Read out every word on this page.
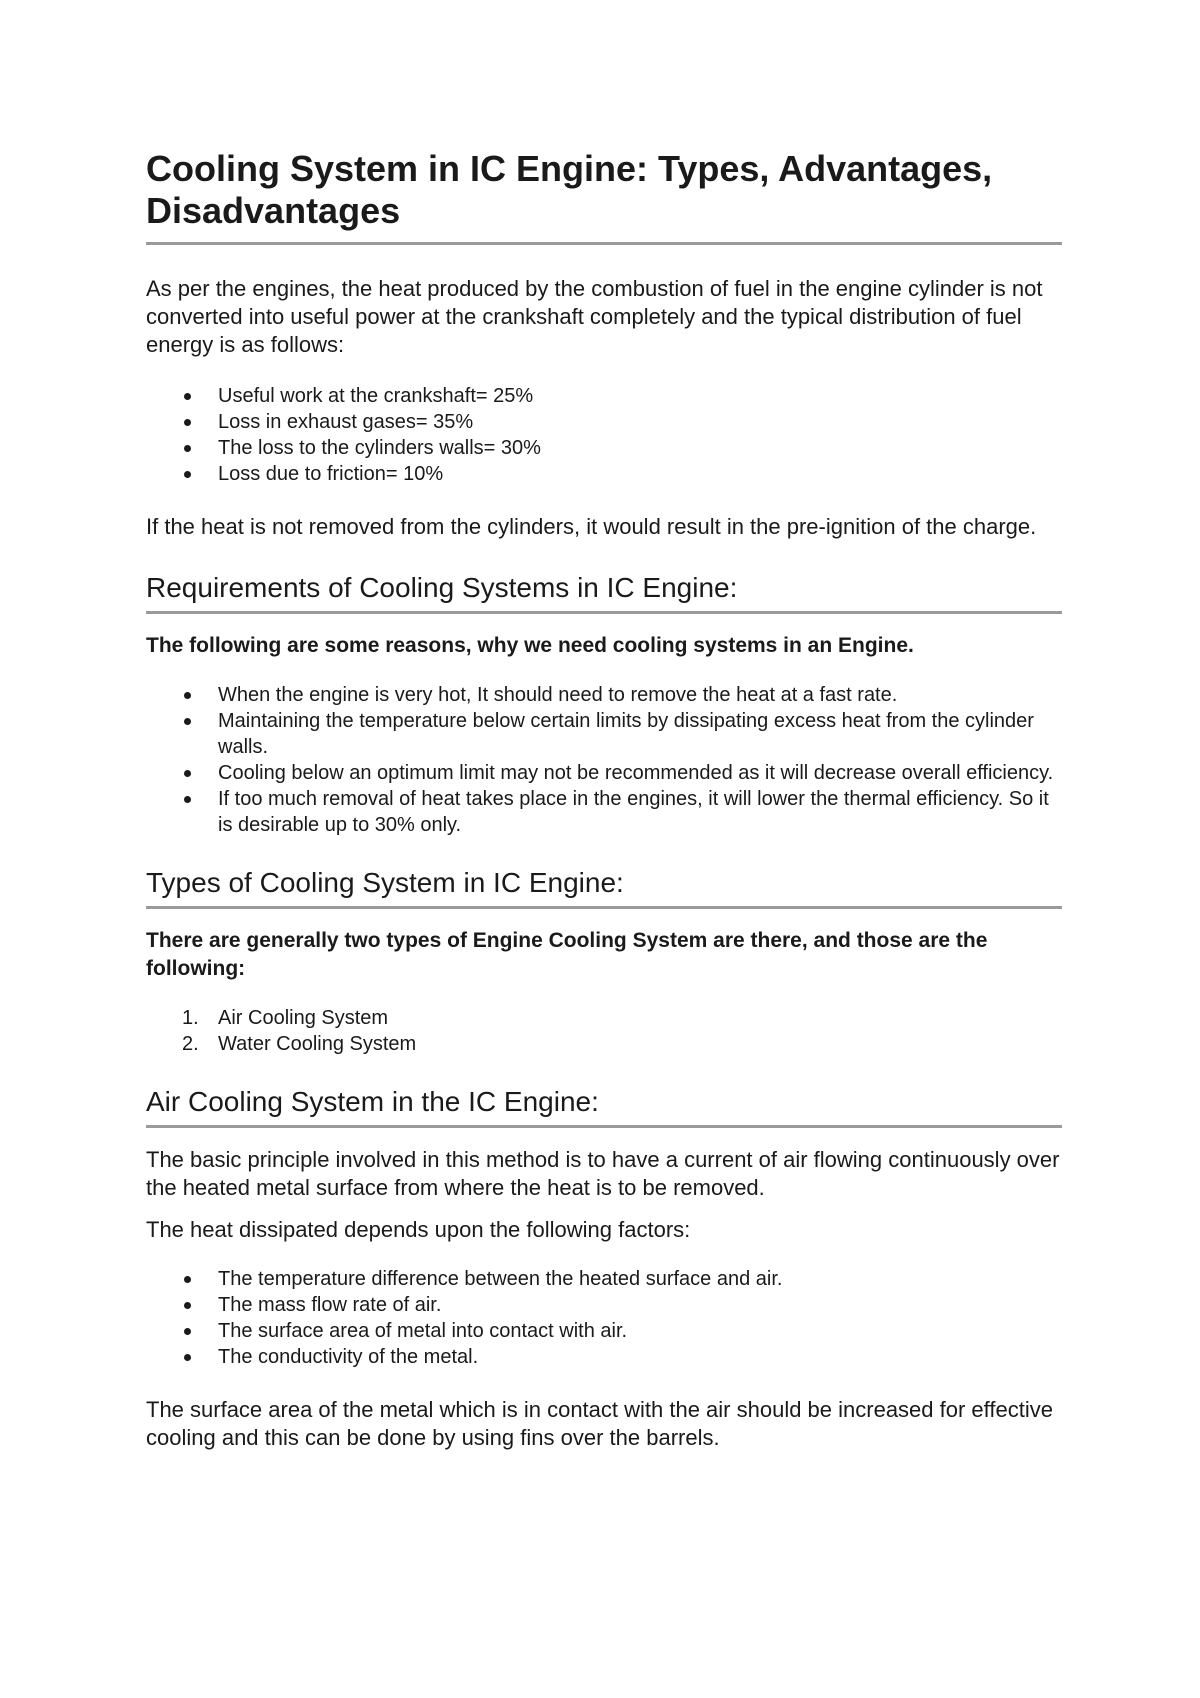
Cooling System in IC Engine: Types, Advantages, Disadvantages

As per the engines, the heat produced by the combustion of fuel in the engine cylinder is not converted into useful power at the crankshaft completely and the typical distribution of fuel energy is as follows:

Useful work at the crankshaft= 25%
Loss in exhaust gases= 35%
The loss to the cylinders walls= 30%
Loss due to friction= 10%

If the heat is not removed from the cylinders, it would result in the pre-ignition of the charge.

Requirements of Cooling Systems in IC Engine:

The following are some reasons, why we need cooling systems in an Engine.

When the engine is very hot, It should need to remove the heat at a fast rate.
Maintaining the temperature below certain limits by dissipating excess heat from the cylinder walls.
Cooling below an optimum limit may not be recommended as it will decrease overall efficiency.
If too much removal of heat takes place in the engines, it will lower the thermal efficiency. So it is desirable up to 30% only.
Types of Cooling System in IC Engine:

There are generally two types of Engine Cooling System are there, and those are the following:

1. Air Cooling System
2. Water Cooling System
Air Cooling System in the IC Engine:

The basic principle involved in this method is to have a current of air flowing continuously over the heated metal surface from where the heat is to be removed.

The heat dissipated depends upon the following factors:

The temperature difference between the heated surface and air.
The mass flow rate of air.
The surface area of metal into contact with air.
The conductivity of the metal.

The surface area of the metal which is in contact with the air should be increased for effective cooling and this can be done by using fins over the barrels.
